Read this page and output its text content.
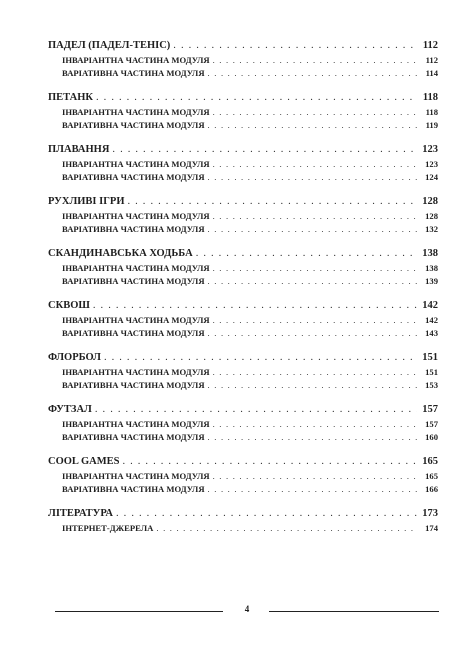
ПАДЕЛ (ПАДЕЛ-ТЕНІС) . . .	112
ІНВАРІАНТНА ЧАСТИНА МОДУЛЯ . . .	112
ВАРІАТИВНА ЧАСТИНА МОДУЛЯ . . .	114
ПЕТАНК . . .	118
ІНВАРІАНТНА ЧАСТИНА МОДУЛЯ . . .	118
ВАРІАТИВНА ЧАСТИНА МОДУЛЯ . . .	119
ПЛАВАННЯ . . .	123
ІНВАРІАНТНА ЧАСТИНА МОДУЛЯ . . .	123
ВАРІАТИВНА ЧАСТИНА МОДУЛЯ . . .	124
РУХЛИВІ ІГРИ . . .	128
ІНВАРІАНТНА ЧАСТИНА МОДУЛЯ . . .	128
ВАРІАТИВНА ЧАСТИНА МОДУЛЯ . . .	132
СКАНДИНАВСЬКА ХОДЬБА . . .	138
ІНВАРІАНТНА ЧАСТИНА МОДУЛЯ . . .	138
ВАРІАТИВНА ЧАСТИНА МОДУЛЯ . . .	139
СКВОШ . . .	142
ІНВАРІАНТНА ЧАСТИНА МОДУЛЯ . . .	142
ВАРІАТИВНА ЧАСТИНА МОДУЛЯ . . .	143
ФЛОРБОЛ . . .	151
ІНВАРІАНТНА ЧАСТИНА МОДУЛЯ . . .	151
ВАРІАТИВНА ЧАСТИНА МОДУЛЯ . . .	153
ФУТЗАЛ . . .	157
ІНВАРІАНТНА ЧАСТИНА МОДУЛЯ . . .	157
ВАРІАТИВНА ЧАСТИНА МОДУЛЯ . . .	160
COOL GAMES . . .	165
ІНВАРІАНТНА ЧАСТИНА МОДУЛЯ . . .	165
ВАРІАТИВНА ЧАСТИНА МОДУЛЯ . . .	166
ЛІТЕРАТУРА . . .	173
ІНТЕРНЕТ-ДЖЕРЕЛА . . .	174
4
